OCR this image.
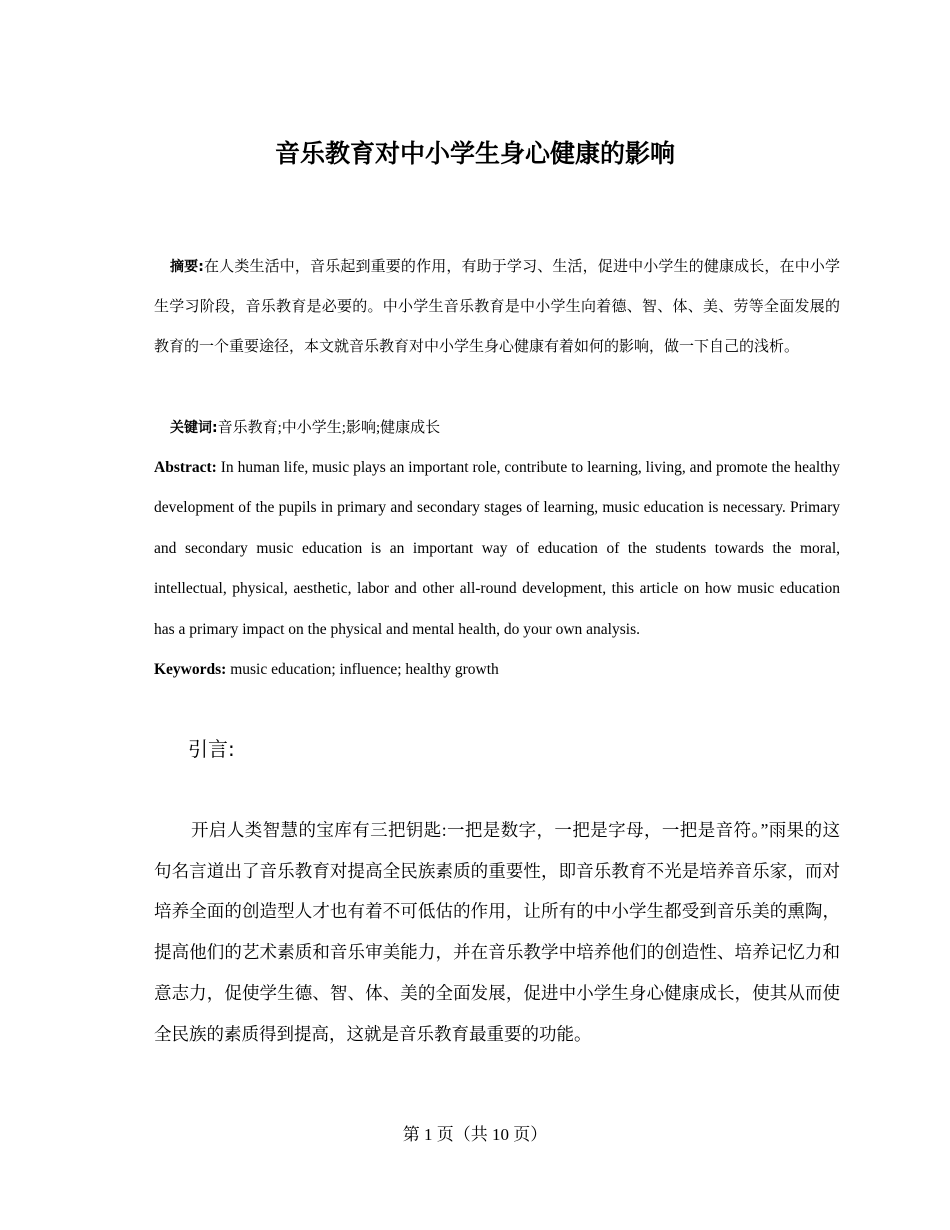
音乐教育对中小学生身心健康的影响

摘要:在人类生活中，音乐起到重要的作用，有助于学习、生活，促进中小学生的健康成长，在中小学生学习阶段，音乐教育是必要的。中小学生音乐教育是中小学生向着德、智、体、美、劳等全面发展的教育的一个重要途径，本文就音乐教育对中小学生身心健康有着如何的影响，做一下自己的浅析。

关键词:音乐教育;中小学生;影响;健康成长

Abstract: In human life, music plays an important role, contribute to learning, living, and promote the healthy development of the pupils in primary and secondary stages of learning, music education is necessary. Primary and secondary music education is an important way of education of the students towards the moral, intellectual, physical, aesthetic, labor and other all-round development, this article on how music education has a primary impact on the physical and mental health, do your own analysis.

Keywords: music education; influence; healthy growth

引言:

开启人类智慧的宝库有三把钥匙:一把是数字，一把是字母，一把是音符。”雨果的这句名言道出了音乐教育对提高全民族素质的重要性，即音乐教育不光是培养音乐家，而对培养全面的创造型人才也有着不可低估的作用，让所有的中小学生都受到音乐美的熏陶，提高他们的艺术素质和音乐审美能力，并在音乐教学中培养他们的创造性、培养记忆力和意志力，促使学生德、智、体、美的全面发展，促进中小学生身心健康成长，使其从而使全民族的素质得到提高，这就是音乐教育最重要的功能。

第 1 页（共 10 页）
